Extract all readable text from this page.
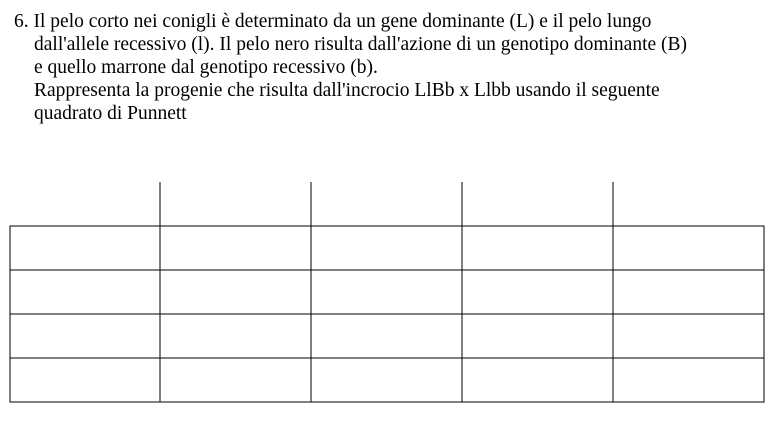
6. Il pelo corto nei conigli è determinato da un gene dominante (L) e il pelo lungo
dall'allele recessivo (l). Il pelo nero risulta dall'azione di un genotipo dominante (B)
e quello marrone dal genotipo recessivo (b).
Rappresenta la progenie che risulta dall'incrocio LlBb x Llbb usando il seguente
quadrato di Punnett
